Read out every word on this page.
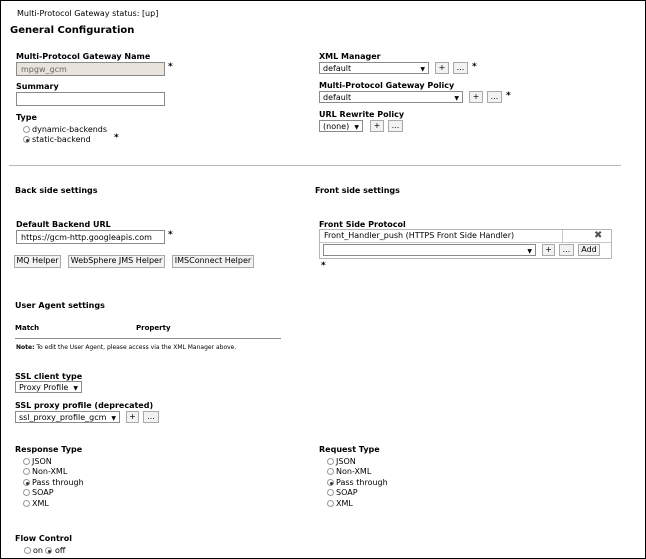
Multi-Protocol Gateway status: [up]
General Configuration
Multi-Protocol Gateway Name
mpgw_gcm	*
Summary
Type
dynamic-backends
static-backend	*
XML Manager
default	▼	+	... *
Multi-Protocol Gateway Policy
default	▼	+	... *
URL Rewrite Policy
(none) ▼	+	...
Back side settings
Default Backend URL
https://gcm-http.googleapis.com	*
MQ Helper	WebSphere JMS Helper	IMSConnect Helper
Front side settings
Front Side Protocol
Front_Handler_push (HTTPS Front Side Handler)	✖
▼	+	...	Add
*
User Agent settings
Match	Property
Note: To edit the User Agent, please access via the XML Manager above.
SSL client type
Proxy Profile ▼
SSL proxy profile (deprecated)
ssl_proxy_profile_gcm ▼	+	...
Response Type
JSON
Non-XML
Pass through
SOAP
XML
Request Type
JSON
Non-XML
Pass through
SOAP
XML
Flow Control
on off
